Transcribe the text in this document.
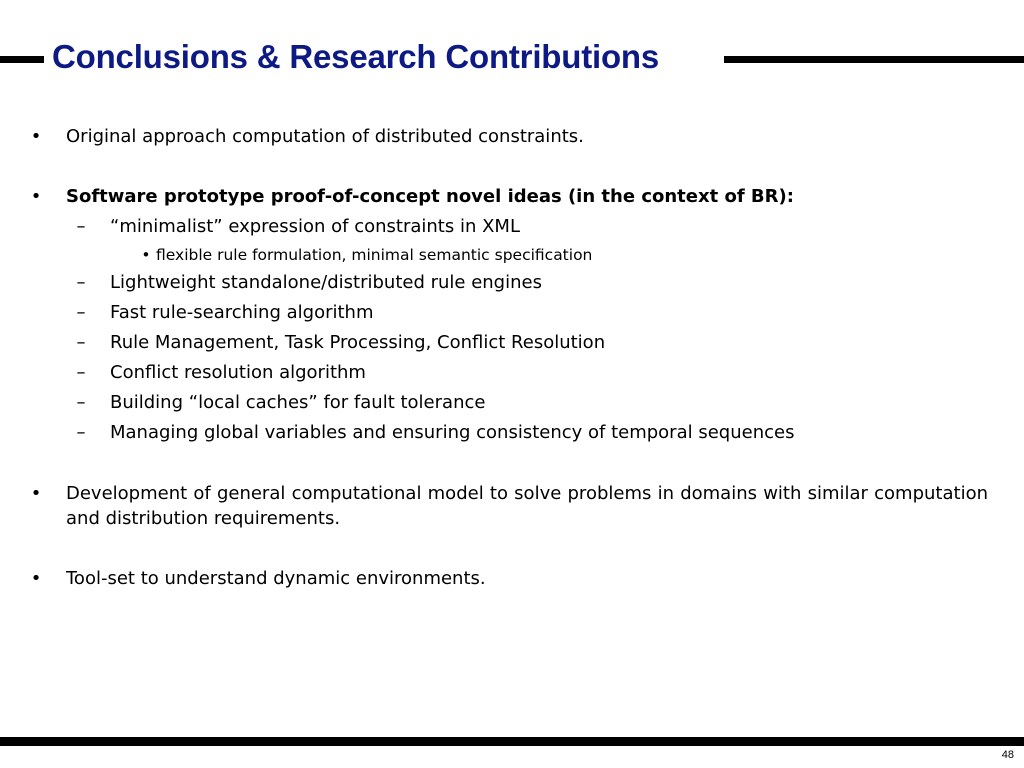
Conclusions & Research Contributions
• Original approach computation of distributed constraints.
• Software prototype proof-of-concept novel ideas (in the context of BR):
– “minimalist” expression of constraints in XML
• flexible rule formulation, minimal semantic specification
– Lightweight standalone/distributed rule engines
– Fast rule-searching algorithm
– Rule Management, Task Processing, Conflict Resolution
– Conflict resolution algorithm
– Building “local caches” for fault tolerance
– Managing global variables and ensuring consistency of temporal sequences
• Development of general computational model to solve problems in domains with similar computation and distribution requirements.
• Tool-set to understand dynamic environments.
48
